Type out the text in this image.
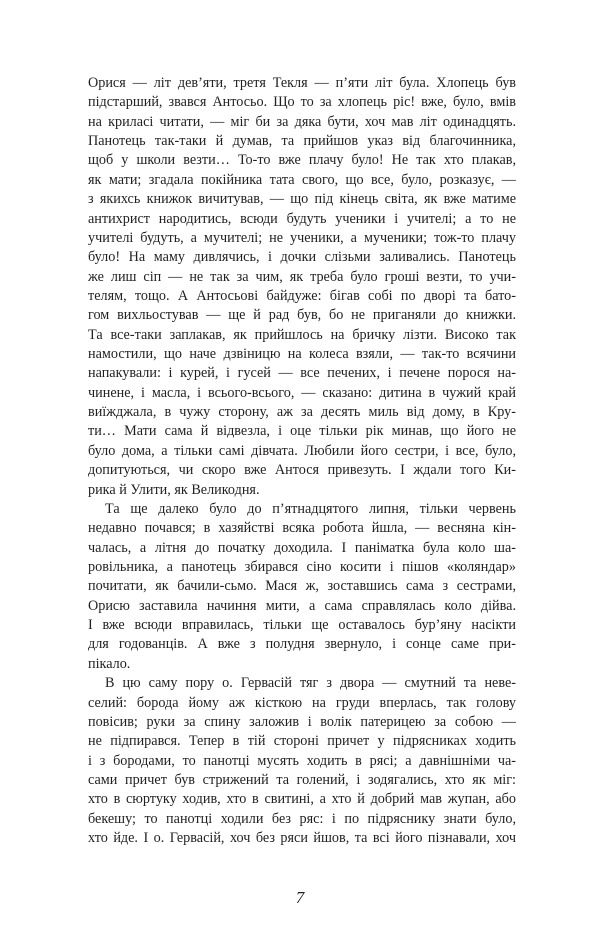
Орися — літ дев’яти, третя Текля — п’яти літ була. Хлопець був
підстарший, звався Антосьо. Що то за хлопець ріс! вже, було, вмів
на криласі читати, — міг би за дяка бути, хоч мав літ одинадцять.
Панотець так-таки й думав, та прийшов указ від благочинника,
щоб у школи везти… То-то вже плачу було! Не так хто плакав,
як мати; згадала покійника тата свого, що все, було, розказує, —
з якихсь книжок вичитував, — що під кінець світа, як вже матиме
антихрист народитись, всюди будуть ученики і учителі; а то не
учителі будуть, а мучителі; не ученики, а мученики; тож-то плачу
було! На маму дивлячись, і дочки слізьми заливались. Панотець
же лиш сіп — не так за чим, як треба було гроші везти, то учи-
телям, тощо. А Антосьові байдуже: бігав собі по дворі та бато-
гом вихльостував — ще й рад був, бо не приганяли до книжки.
Та все-таки заплакав, як прийшлось на бричку лізти. Високо так
намостили, що наче дзвіницю на колеса взяли, — так-то всячини
напакували: і курей, і гусей — все печених, і печене порося на-
чинене, і масла, і всього-всього, — сказано: дитина в чужий край
виїжджала, в чужу сторону, аж за десять миль від дому, в Кру-
ти… Мати сама й відвезла, і оце тільки рік минав, що його не
було дома, а тільки самі дівчата. Любили його сестри, і все, було,
допитуються, чи скоро вже Антося привезуть. І ждали того Ки-
рика й Улити, як Великодня.
Та ще далеко було до п’ятнадцятого липня, тільки червень
недавно почався; в хазяйстві всяка робота йшла, — весняна кін-
чалась, а літня до початку доходила. І паніматка була коло ша-
ровільника, а панотець збирався сіно косити і пішов «коляндар»
почитати, як бачили-сьмо. Мася ж, зоставшись сама з сестрами,
Орисю заставила начиння мити, а сама справлялась коло дійва.
І вже всюди вправилась, тільки ще оставалось бур’яну насікти
для годованців. А вже з полудня звернуло, і сонце саме при-
пікало.
В цю саму пору о. Гервасій тяг з двора — смутний та неве-
селий: борода йому аж кісткою на груди вперлась, так голову
повісив; руки за спину заложив і волік патерицею за собою —
не підпирався. Тепер в тій стороні причет у підрясниках ходить
і з бородами, то панотці мусять ходить в рясі; а давнішніми ча-
сами причет був стрижений та голений, і зодягались, хто як міг:
хто в сюртуку ходив, хто в свитині, а хто й добрий мав жупан, або
бекешу; то панотці ходили без ряс: і по підряснику знати було,
хто йде. І о. Гервасій, хоч без ряси йшов, та всі його пізнавали, хоч
7
